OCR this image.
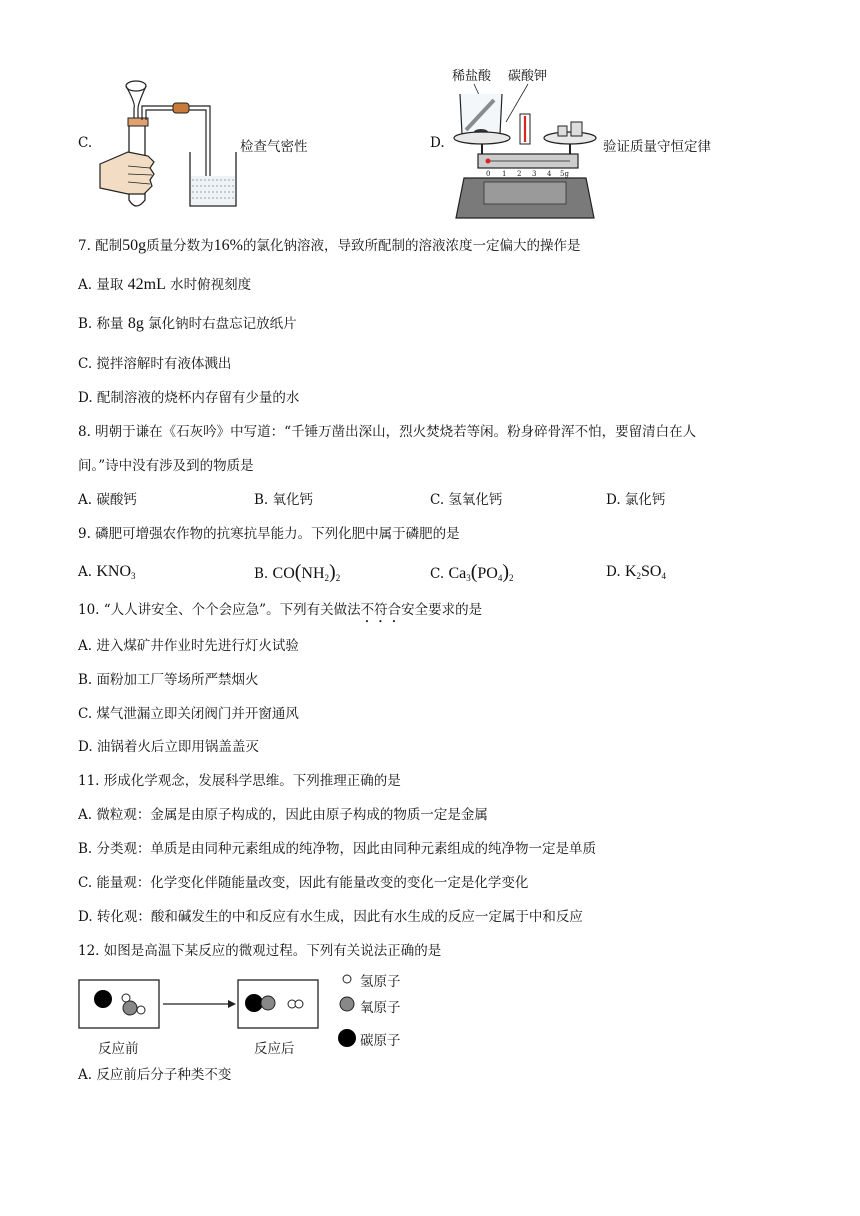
C.	检查气密性	D.
稀盐酸 碳酸钾
0 1 2 3 4 5g
验证质量守恒定律
7. 配制50g质量分数为16%的氯化钠溶液，导致所配制的溶液浓度一定偏大的操作是
A. 量取 42mL 水时俯视刻度
B. 称量 8g 氯化钠时右盘忘记放纸片
C. 搅拌溶解时有液体溅出
D. 配制溶液的烧杯内存留有少量的水
8. 明朝于谦在《石灰吟》中写道：“千锤万凿出深山，烈火焚烧若等闲。粉身碎骨浑不怕，要留清白在人
间。”诗中没有涉及到的物质是
A. 碳酸钙	B. 氧化钙	C. 氢氧化钙	D. 氯化钙
9. 磷肥可增强农作物的抗寒抗旱能力。下列化肥中属于磷肥的是
A. $KNO_3$	B. $CO(NH_2)_2$	C. $Ca_3(PO_4)_2$	D. $K_2SO_4$
10. “人人讲安全、个个会应急”。下列有关做法不符合安全要求的是
A. 进入煤矿井作业时先进行灯火试验
B. 面粉加工厂等场所严禁烟火
C. 煤气泄漏立即关闭阀门并开窗通风
D. 油锅着火后立即用锅盖盖灭
11. 形成化学观念，发展科学思维。下列推理正确的是
A. 微粒观：金属是由原子构成的，因此由原子构成的物质一定是金属
B. 分类观：单质是由同种元素组成的纯净物，因此由同种元素组成的纯净物一定是单质
C. 能量观：化学变化伴随能量改变，因此有能量改变的变化一定是化学变化
D. 转化观：酸和碱发生的中和反应有水生成，因此有水生成的反应一定属于中和反应
12. 如图是高温下某反应的微观过程。下列有关说法正确的是
反应前	反应后
氢原子
氧原子
碳原子
A. 反应前后分子种类不变
